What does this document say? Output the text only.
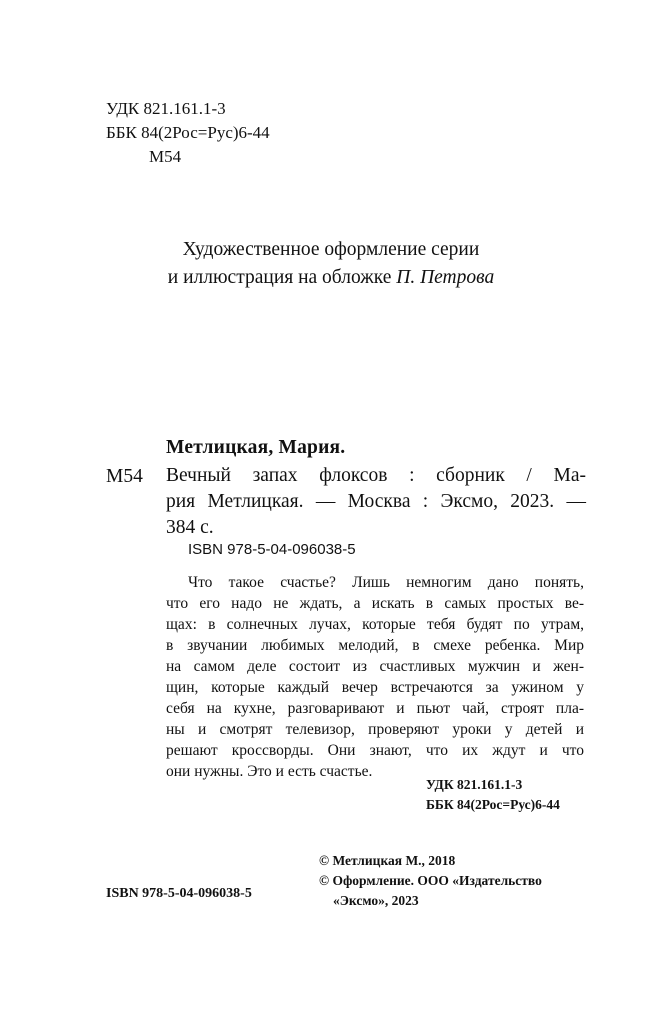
УДК 821.161.1-3
ББК 84(2Рос=Рус)6-44
М54
Художественное оформление серии
и иллюстрация на обложке П. Петрова
Метлицкая, Мария.
М54 Вечный запах флоксов : сборник / Ма-
рия Метлицкая. — Москва : Эксмо, 2023. —
384 с.
ISBN 978-5-04-096038-5
Что такое счастье? Лишь немногим дано понять,
что его надо не ждать, а искать в самых простых ве-
щах: в солнечных лучах, которые тебя будят по утрам,
в звучании любимых мелодий, в смехе ребенка. Мир
на самом деле состоит из счастливых мужчин и жен-
щин, которые каждый вечер встречаются за ужином у
себя на кухне, разговаривают и пьют чай, строят пла-
ны и смотрят телевизор, проверяют уроки у детей и
решают кроссворды. Они знают, что их ждут и что
они нужны. Это и есть счастье.
УДК 821.161.1-3
ББК 84(2Рос=Рус)6-44
© Метлицкая М., 2018
© Оформление. ООО «Издательство
«Эксмо», 2023
ISBN 978-5-04-096038-5
